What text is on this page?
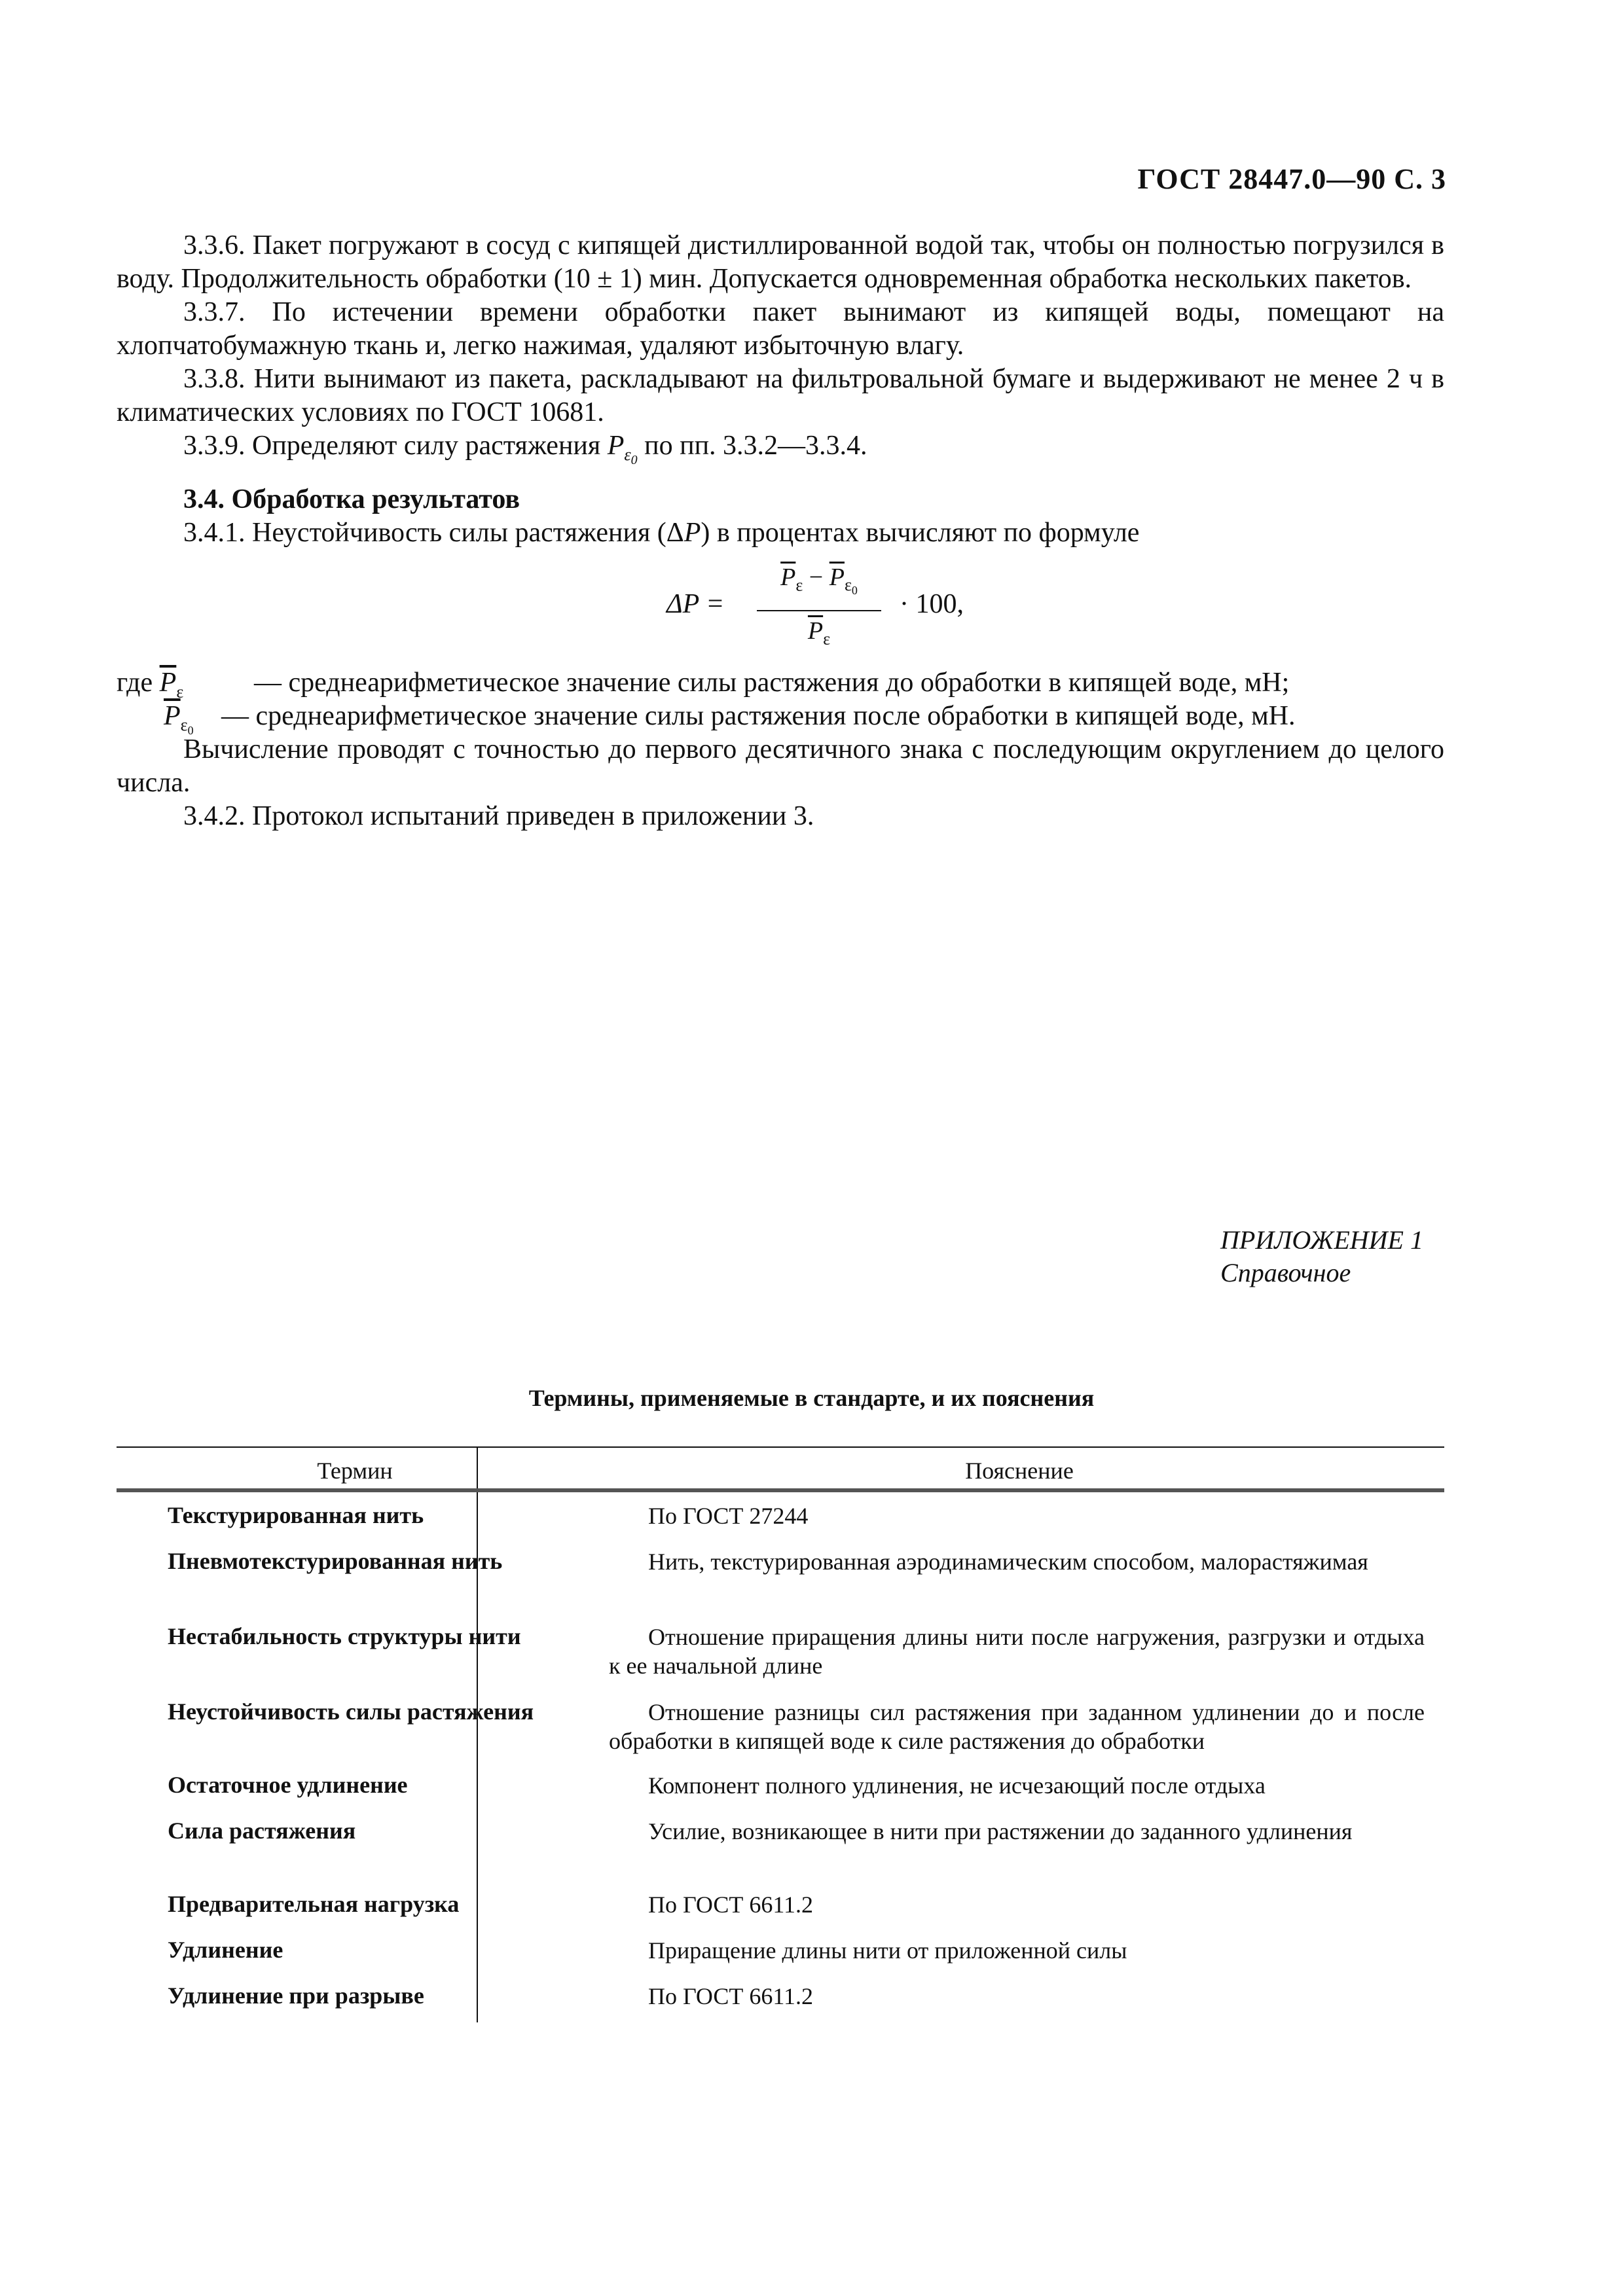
ГОСТ 28447.0—90 С. 3

3.3.6. Пакет погружают в сосуд с кипящей дистиллированной водой так, чтобы он полностью погрузился в воду. Продолжительность обработки (10 ± 1) мин. Допускается одновременная обработка нескольких пакетов.

3.3.7. По истечении времени обработки пакет вынимают из кипящей воды, помещают на хлопчатобумажную ткань и, легко нажимая, удаляют избыточную влагу.

3.3.8. Нити вынимают из пакета, раскладывают на фильтровальной бумаге и выдерживают не менее 2 ч в климатических условиях по ГОСТ 10681.

3.3.9. Определяют силу растяжения $P_{\varepsilon_0}$ по пп. 3.3.2—3.3.4.

3.4. Обработка результатов

3.4.1. Неустойчивость силы растяжения (ΔP) в процентах вычисляют по формуле

ΔP =
$\overline{P}_\varepsilon - \overline{P}_{\varepsilon_0}$
$\overline{P}_\varepsilon$
· 100,
где $\overline{P}_\varepsilon$	— среднеарифметическое значение силы растяжения до обработки в кипящей воде, мН;
$\overline{P}_{\varepsilon_0}$ — среднеарифметическое значение силы растяжения после обработки в кипящей воде, мН.

Вычисление проводят с точностью до первого десятичного знака с последующим округлением до целого числа.

3.4.2. Протокол испытаний приведен в приложении 3.

ПРИЛОЖЕНИЕ 1
Справочное
Термины, применяемые в стандарте, и их пояснения
Термин	Пояснение
Текстурированная нить	По ГОСТ 27244
Пневмотекстурированная нить	Нить, текстурированная аэродинамическим способом, малорастяжимая
Нестабильность структуры нити	Отношение приращения длины нити после нагружения, разгрузки и отдыха к ее начальной длине
Неустойчивость силы растяжения	Отношение разницы сил растяжения при заданном удлинении до и после обработки в кипящей воде к силе растяжения до обработки
Остаточное удлинение	Компонент полного удлинения, не исчезающий после отдыха
Сила растяжения	Усилие, возникающее в нити при растяжении до заданного удлинения
Предварительная нагрузка	По ГОСТ 6611.2
Удлинение	Приращение длины нити от приложенной силы
Удлинение при разрыве	По ГОСТ 6611.2
